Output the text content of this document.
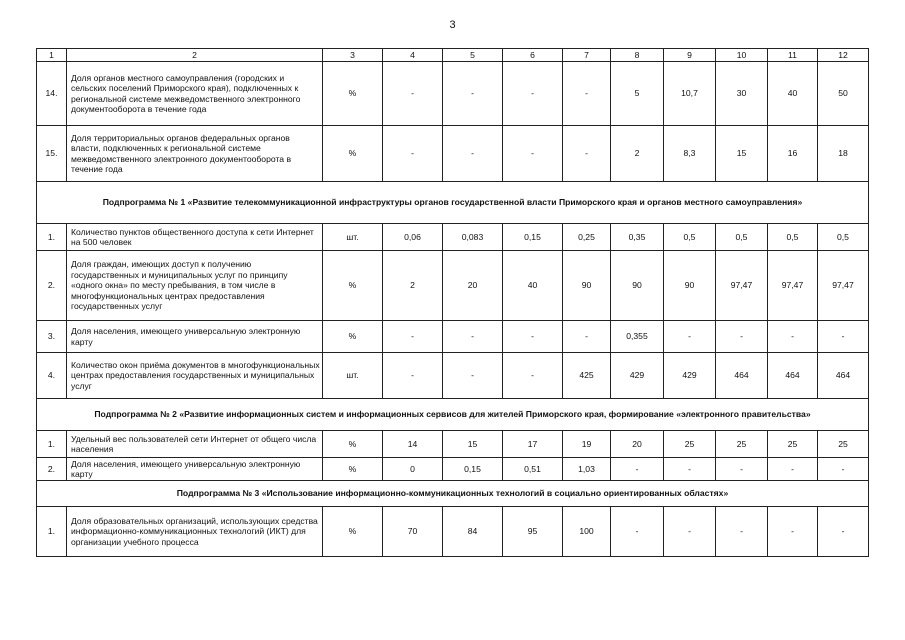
3
1	2	3	4	5	6	7	8	9	10	11	12
14.	Доля органов местного самоуправления (городских и сельских поселений Приморского края), подключенных к региональной системе межведомственного электронного документооборота в течение года	%	-	-	-	-	5	10,7	30	40	50
15.	Доля территориальных органов федеральных органов власти, подключенных к региональной системе межведомственного электронного документооборота в течение года	%	-	-	-	-	2	8,3	15	16	18
Подпрограмма № 1 «Развитие телекоммуникационной инфраструктуры органов государственной власти Приморского края и органов местного самоуправления»											
1.	Количество пунктов общественного доступа к сети Интернет на 500 человек	шт.	0,06	0,083	0,15	0,25	0,35	0,5	0,5	0,5	0,5
2.	Доля граждан, имеющих доступ к получению государственных и муниципальных услуг по принципу «одного окна» по месту пребывания, в том числе в многофункциональных центрах предоставления государственных услуг	%	2	20	40	90	90	90	97,47	97,47	97,47
3.	Доля населения, имеющего универсальную электронную карту	%	-	-	-	-	0,355	-	-	-	-
4.	Количество окон приёма документов в многофункциональных центрах предоставления государственных и муниципальных услуг	шт.	-	-	-	425	429	429	464	464	464
Подпрограмма № 2 «Развитие информационных систем и информационных сервисов для жителей Приморского края, формирование «электронного правительства»											
1.	Удельный вес пользователей сети Интернет от общего числа населения	%	14	15	17	19	20	25	25	25	25
2.	Доля населения, имеющего универсальную электронную карту	%	0	0,15	0,51	1,03	-	-	-	-	-
Подпрограмма № 3 «Использование информационно-коммуникационных технологий в социально ориентированных областях»											
1.	Доля образовательных организаций, использующих средства информационно-коммуникационных технологий (ИКТ) для организации учебного процесса	%	70	84	95	100	-	-	-	-	-
